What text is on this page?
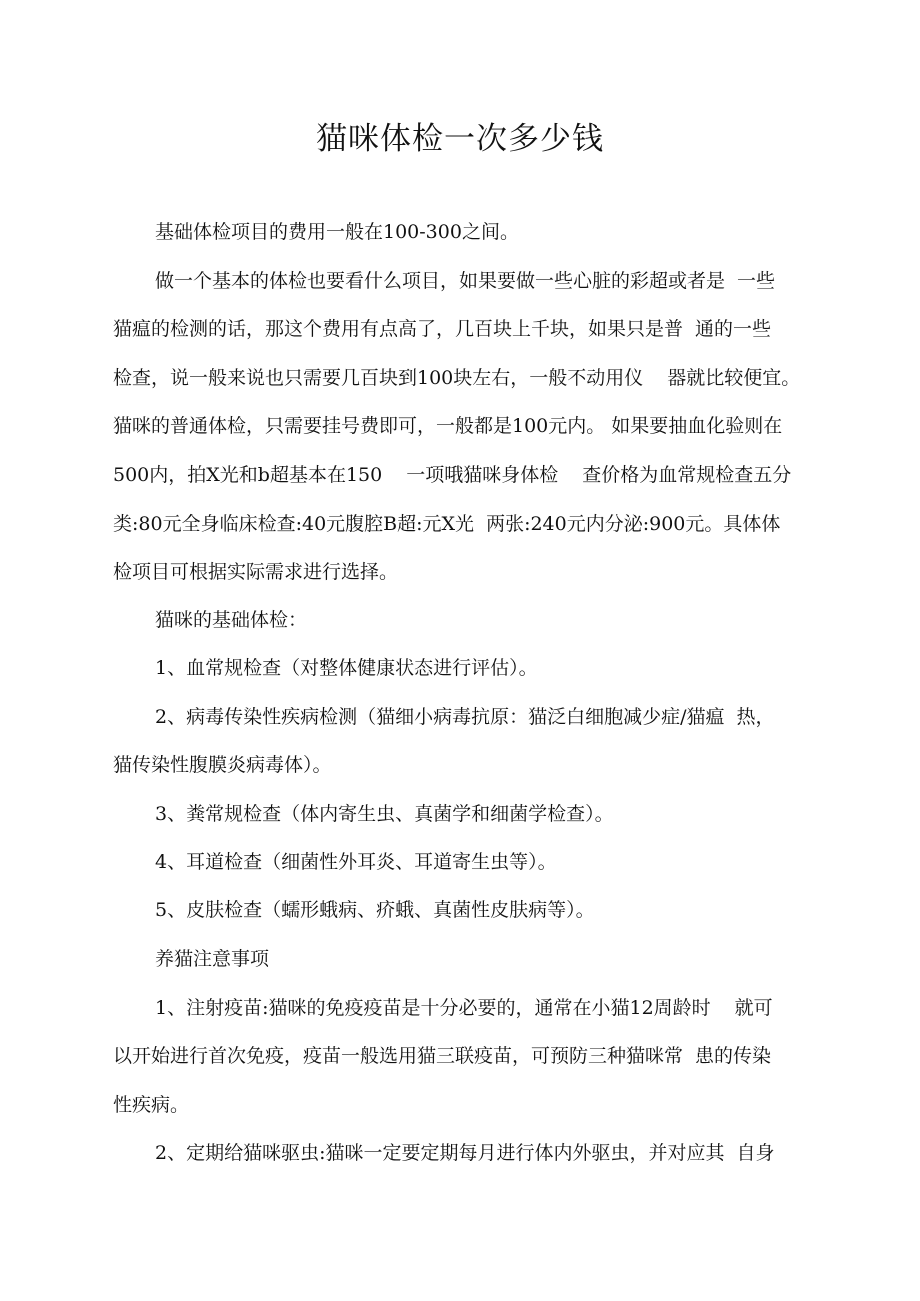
猫咪体检一次多少钱

基础体检项目的费用一般在100-300之间。

做一个基本的体检也要看什么项目，如果要做一些心脏的彩超或者是 一些

猫瘟的检测的话，那这个费用有点高了，几百块上千块，如果只是普 通的一些

检查，说一般来说也只需要几百块到100块左右，一般不动用仪 器就比较便宜。

猫咪的普通体检，只需要挂号费即可，一般都是100元内。 如果要抽血化验则在

500内，拍X光和b超基本在150 一项哦猫咪身体检 查价格为血常规检查五分

类:80元全身临床检查:40元腹腔B超:元X光 两张:240元内分泌:900元。具体体

检项目可根据实际需求进行选择。

猫咪的基础体检：

1、血常规检查（对整体健康状态进行评估）。

2、病毒传染性疾病检测（猫细小病毒抗原：猫泛白细胞减少症/猫瘟 热，

猫传染性腹膜炎病毒体）。

3、粪常规检查（体内寄生虫、真菌学和细菌学检查）。

4、耳道检查（细菌性外耳炎、耳道寄生虫等）。

5、皮肤检查（蠕形蛾病、疥蛾、真菌性皮肤病等）。

养猫注意事项

1、注射疫苗:猫咪的免疫疫苗是十分必要的，通常在小猫12周龄时 就可

以开始进行首次免疫，疫苗一般选用猫三联疫苗，可预防三种猫咪常 患的传染

性疾病。

2、定期给猫咪驱虫:猫咪一定要定期每月进行体内外驱虫，并对应其 自身
